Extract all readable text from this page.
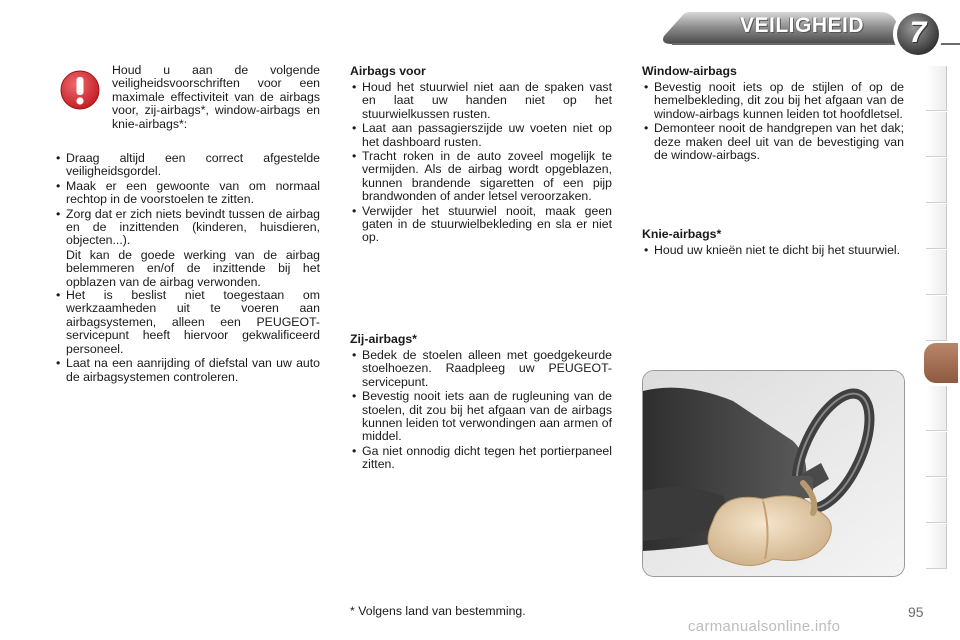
VEILIGHEID	7
Houd u aan de volgende veiligheidsvoorschriften voor een maximale effectiviteit van de airbags voor, zij-airbags*, window-airbags en knie-airbags*:
• Draag altijd een correct afgestelde veiligheidsgordel.
• Maak er een gewoonte van om normaal rechtop in de voorstoelen te zitten.
• Zorg dat er zich niets bevindt tussen de airbag en de inzittenden (kinderen, huisdieren, objecten...).
Dit kan de goede werking van de airbag belemmeren en/of de inzittende bij het opblazen van de airbag verwonden.
• Het is beslist niet toegestaan om werkzaamheden uit te voeren aan airbagsystemen, alleen een PEUGEOT-servicepunt heeft hiervoor gekwalificeerd personeel.
• Laat na een aanrijding of diefstal van uw auto de airbagsystemen controleren.
Airbags voor
• Houd het stuurwiel niet aan de spaken vast en laat uw handen niet op het stuurwielkussen rusten.
• Laat aan passagierszijde uw voeten niet op het dashboard rusten.
• Tracht roken in de auto zoveel mogelijk te vermijden. Als de airbag wordt opgeblazen, kunnen brandende sigaretten of een pijp brandwonden of ander letsel veroorzaken.
• Verwijder het stuurwiel nooit, maak geen gaten in de stuurwielbekleding en sla er niet op.
Zij-airbags*
• Bedek de stoelen alleen met goedgekeurde stoelhoezen. Raadpleeg uw PEUGEOT-servicepunt.
• Bevestig nooit iets aan de rugleuning van de stoelen, dit zou bij het afgaan van de airbags kunnen leiden tot verwondingen aan armen of middel.
• Ga niet onnodig dicht tegen het portierpaneel zitten.
Window-airbags
• Bevestig nooit iets op de stijlen of op de hemelbekleding, dit zou bij het afgaan van de window-airbags kunnen leiden tot hoofdletsel.
• Demonteer nooit de handgrepen van het dak; deze maken deel uit van de bevestiging van de window-airbags.
Knie-airbags*
• Houd uw knieën niet te dicht bij het stuurwiel.
* Volgens land van bestemming.	95
carmanualsonline.info
